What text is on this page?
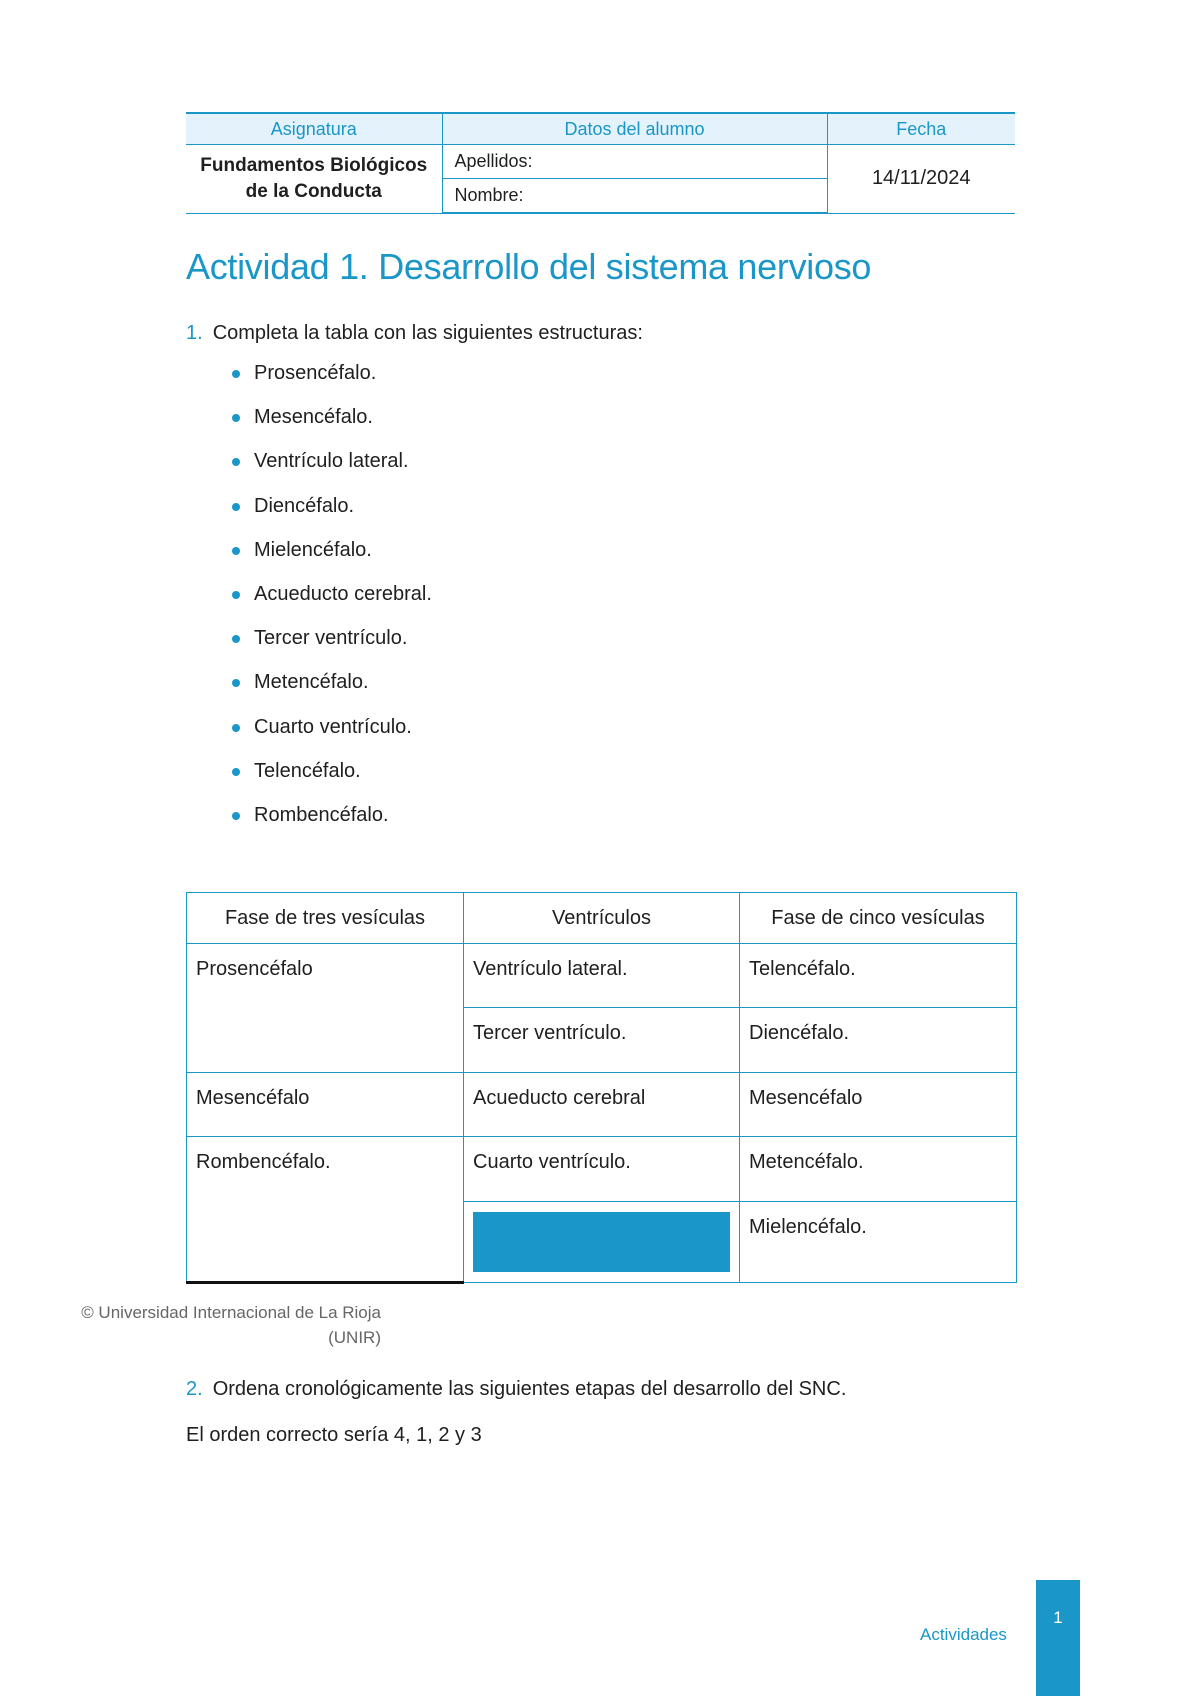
Asignatura	Datos del alumno	Fecha

Fundamentos Biológicos
de la Conducta	Apellidos:	14/11/2024
	Nombre:	
Actividad 1. Desarrollo del sistema nervioso

1. Completa la tabla con las siguientes estructuras:

Prosencéfalo.
Mesencéfalo.
Ventrículo lateral.
Diencéfalo.
Mielencéfalo.
Acueducto cerebral.
Tercer ventrículo.
Metencéfalo.
Cuarto ventrículo.
Telencéfalo.
Rombencéfalo.
Fase de tres vesículas	Ventrículos	Fase de cinco vesículas
Prosencéfalo	Ventrículo lateral.	Telencéfalo.
	Tercer ventrículo.	Diencéfalo.
Mesencéfalo	Acueducto cerebral	Mesencéfalo
Rombencéfalo.	Cuarto ventrículo.	Metencéfalo.

		Mielencéfalo.
© Universidad Internacional de La Rioja
(UNIR)

2. Ordena cronológicamente las siguientes etapas del desarrollo del SNC.

El orden correcto sería 4, 1, 2 y 3

Actividades
1
